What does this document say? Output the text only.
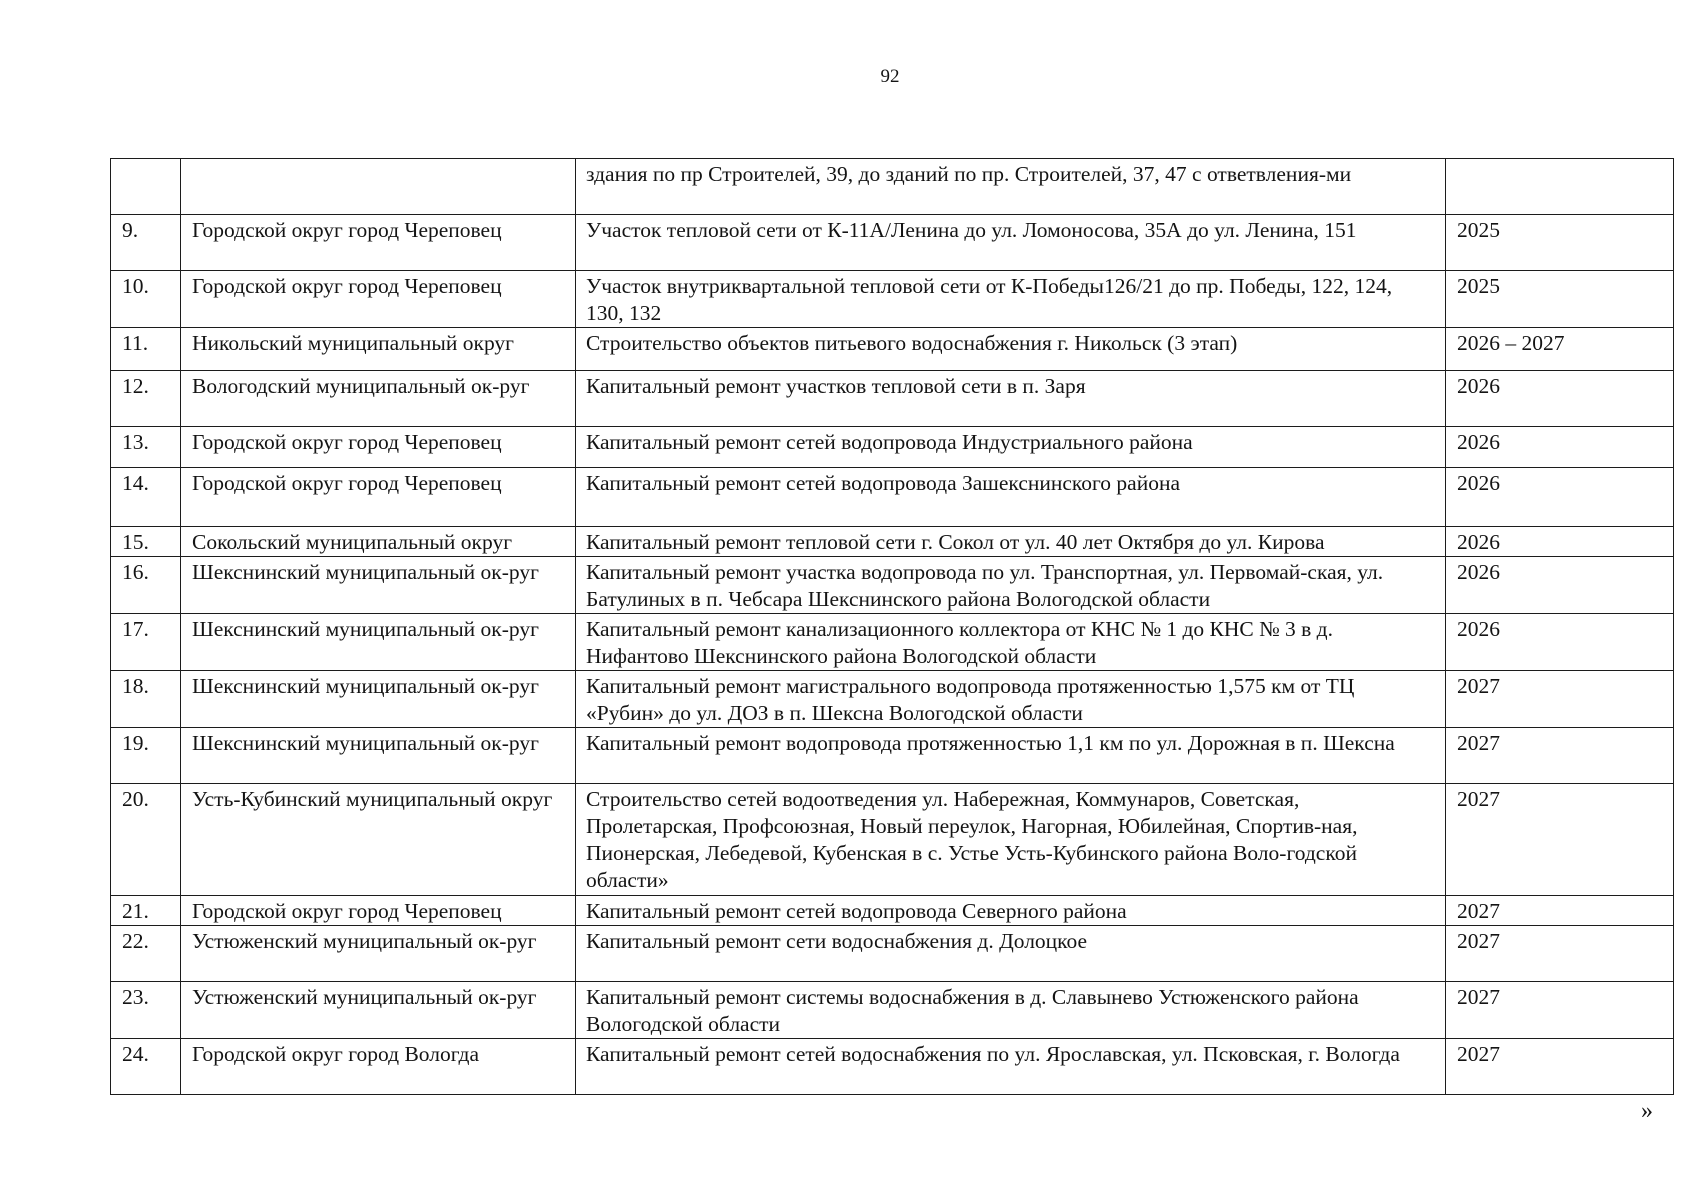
92
		здания по пр Строителей, 39, до зданий по пр. Строителей, 37, 47 с ответвления-ми	
9.	Городской округ город Череповец	Участок тепловой сети от К-11А/Ленина до ул. Ломоносова, 35А до ул. Ленина, 151	2025
10.	Городской округ город Череповец	Участок внутриквартальной тепловой сети от К-Победы126/21 до пр. Победы, 122, 124, 130, 132	2025
11.	Никольский муниципальный округ	Строительство объектов питьевого водоснабжения г. Никольск (3 этап)	2026 – 2027
12.	Вологодский муниципальный ок-руг	Капитальный ремонт участков тепловой сети в п. Заря	2026
13.	Городской округ город Череповец	Капитальный ремонт сетей водопровода Индустриального района	2026
14.	Городской округ город Череповец	Капитальный ремонт сетей водопровода Зашекснинского района	2026
15.	Сокольский муниципальный округ	Капитальный ремонт тепловой сети г. Сокол от ул. 40 лет Октября до ул. Кирова	2026
16.	Шекснинский муниципальный ок-руг	Капитальный ремонт участка водопровода по ул. Транспортная, ул. Первомай-ская, ул. Батулиных в п. Чебсара Шекснинского района Вологодской области	2026
17.	Шекснинский муниципальный ок-руг	Капитальный ремонт канализационного коллектора от КНС № 1 до КНС № 3 в д. Нифантово Шекснинского района Вологодской области	2026
18.	Шекснинский муниципальный ок-руг	Капитальный ремонт магистрального водопровода протяженностью 1,575 км от ТЦ «Рубин» до ул. ДОЗ в п. Шексна Вологодской области	2027
19.	Шекснинский муниципальный ок-руг	Капитальный ремонт водопровода протяженностью 1,1 км по ул. Дорожная в п. Шексна	2027
20.	Усть-Кубинский муниципальный округ	Строительство сетей водоотведения ул. Набережная, Коммунаров, Советская, Пролетарская, Профсоюзная, Новый переулок, Нагорная, Юбилейная, Спортив-ная, Пионерская, Лебедевой, Кубенская в с. Устье Усть-Кубинского района Воло-годской области»	2027
21.	Городской округ город Череповец	Капитальный ремонт сетей водопровода Северного района	2027
22.	Устюженский муниципальный ок-руг	Капитальный ремонт сети водоснабжения д. Долоцкое	2027
23.	Устюженский муниципальный ок-руг	Капитальный ремонт системы водоснабжения в д. Славынево Устюженского района Вологодской области	2027
24.	Городской округ город Вологда	Капитальный ремонт сетей водоснабжения по ул. Ярославская, ул. Псковская, г. Вологда	2027
»
